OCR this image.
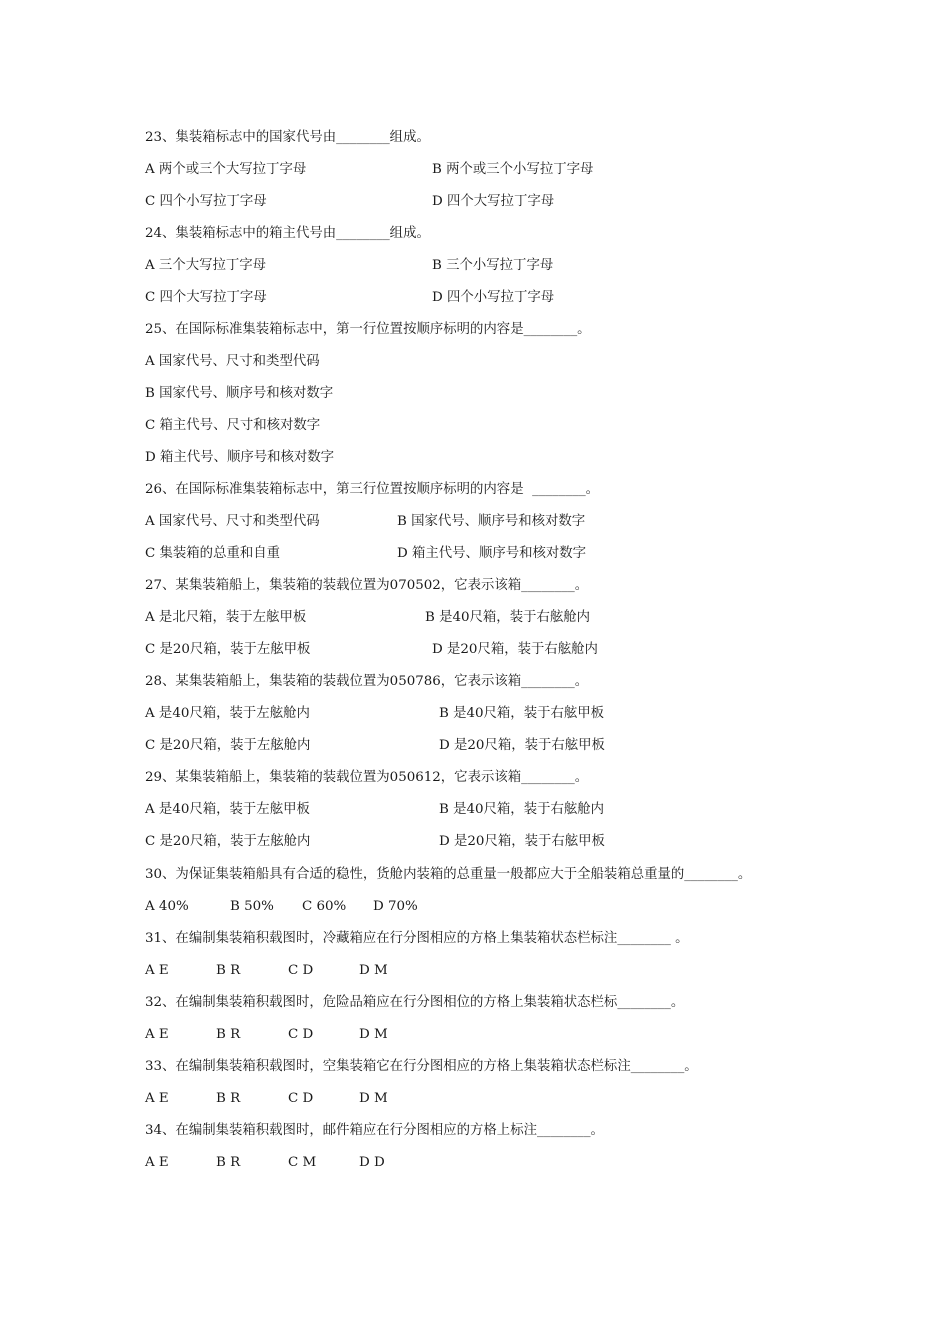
23、集装箱标志中的国家代号由________组成。
A 两个或三个大写拉丁字母	B 两个或三个小写拉丁字母
C 四个小写拉丁字母	D 四个大写拉丁字母
24、集装箱标志中的箱主代号由________组成。
A 三个大写拉丁字母	B 三个小写拉丁字母
C 四个大写拉丁字母	D 四个小写拉丁字母
25、在国际标准集装箱标志中，第一行位置按顺序标明的内容是________。
A 国家代号、尺寸和类型代码
B 国家代号、顺序号和核对数字
C 箱主代号、尺寸和核对数字
D 箱主代号、顺序号和核对数字
26、在国际标准集装箱标志中，第三行位置按顺序标明的内容是  ________。
A 国家代号、尺寸和类型代码	B 国家代号、顺序号和核对数字
C 集装箱的总重和自重	D 箱主代号、顺序号和核对数字
27、某集装箱船上，集装箱的装载位置为070502，它表示该箱________。
A 是北尺箱，装于左舷甲板	B 是40尺箱，装于右舷舱内
C 是20尺箱，装于左舷甲板	D 是20尺箱，装于右舷舱内
28、某集装箱船上，集装箱的装载位置为050786，它表示该箱________。
A 是40尺箱，装于左舷舱内	B 是40尺箱，装于右舷甲板
C 是20尺箱，装于左舷舱内	D 是20尺箱，装于右舷甲板
29、某集装箱船上，集装箱的装载位置为050612，它表示该箱________。
A 是40尺箱，装于左舷甲板	B 是40尺箱，装于右舷舱内
C 是20尺箱，装于左舷舱内	D 是20尺箱，装于右舷甲板
30、为保证集装箱船具有合适的稳性，货舱内装箱的总重量一般都应大于全船装箱总重量的________。
A 40%	B 50% C 60% D 70%
31、在编制集装箱积载图时，冷藏箱应在行分图相应的方格上集装箱状态栏标注________ 。
A E	B R	C D	D M
32、在编制集装箱积载图时，危险品箱应在行分图相位的方格上集装箱状态栏标________。
A E	B R	C D	D M
33、在编制集装箱积载图时，空集装箱它在行分图相应的方格上集装箱状态栏标注________。
A E	B R	C D	D M
34、在编制集装箱积载图时，邮件箱应在行分图相应的方格上标注________。
A E	B R	C M	D D
